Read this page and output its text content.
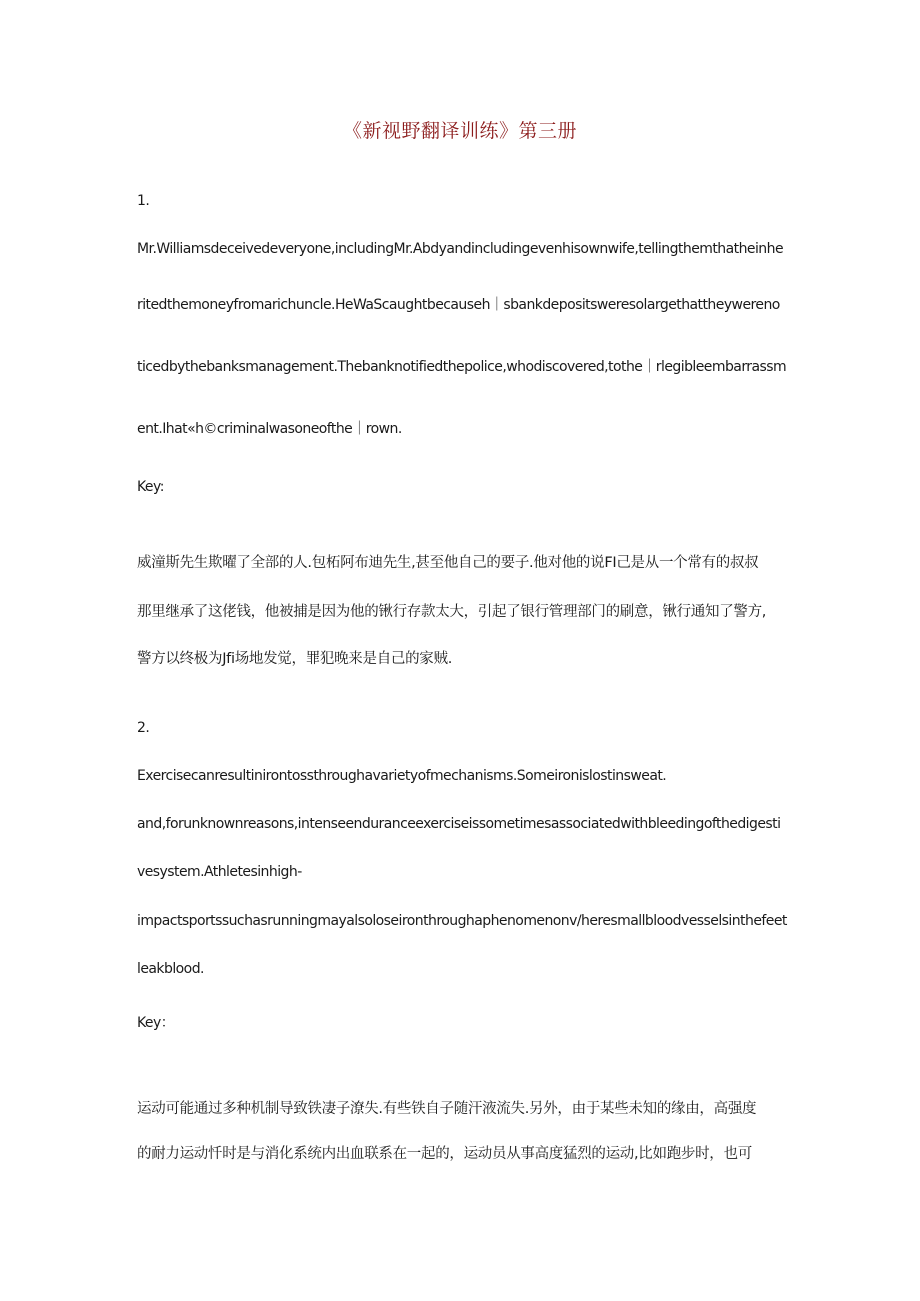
《新视野翻译训练》第三册
1.
Mr.Williamsdeceivedeveryone,includingMr.Abdyandincludingevenhisownwife,tellingthemthatheinhe
ritedthemoneyfromarichuncle.HeWaScaughtbecauseh｜sbankdepositsweresolargethattheywereno
ticedbythebanksmanagement.Thebanknotifiedthepolice,whodiscovered,tothe｜rlegibleembarrassm
ent.Ihat«h©criminalwasoneofthe｜rown.
Key:
威潼斯先生欺曜了全部的人.包柘阿布迪先生,甚至他自己的要子.他对他的说FI己是从一个常有的叔叔
那里继承了这佬钱，他被捕是因为他的锹行存款太大，引起了银行管理部门的刷意，锹行通知了警方,
警方以终极为Jfi场地发觉，罪犯晚来是自己的家贼.
2.
Exercisecanresultinirontossthroughavarietyofmechanisms.Someironislostinsweat.
and,forunknownreasons,intenseenduranceexerciseissometimesassociatedwithbleedingofthedigesti
vesystem.Athletesinhigh-
impactsportssuchasrunningmayalsoloseironthroughaphenomenonv/heresmallbloodvesselsinthefeet
leakblood.
Key：
运动可能通过多种机制导致铁凄子潦失.有些铁自子随汗液流失.另外，由于某些未知的缘由，高强度
的耐力运动忏时是与消化系统内出血联系在一起的，运动员从事高度猛烈的运动,比如跑步时，也可
